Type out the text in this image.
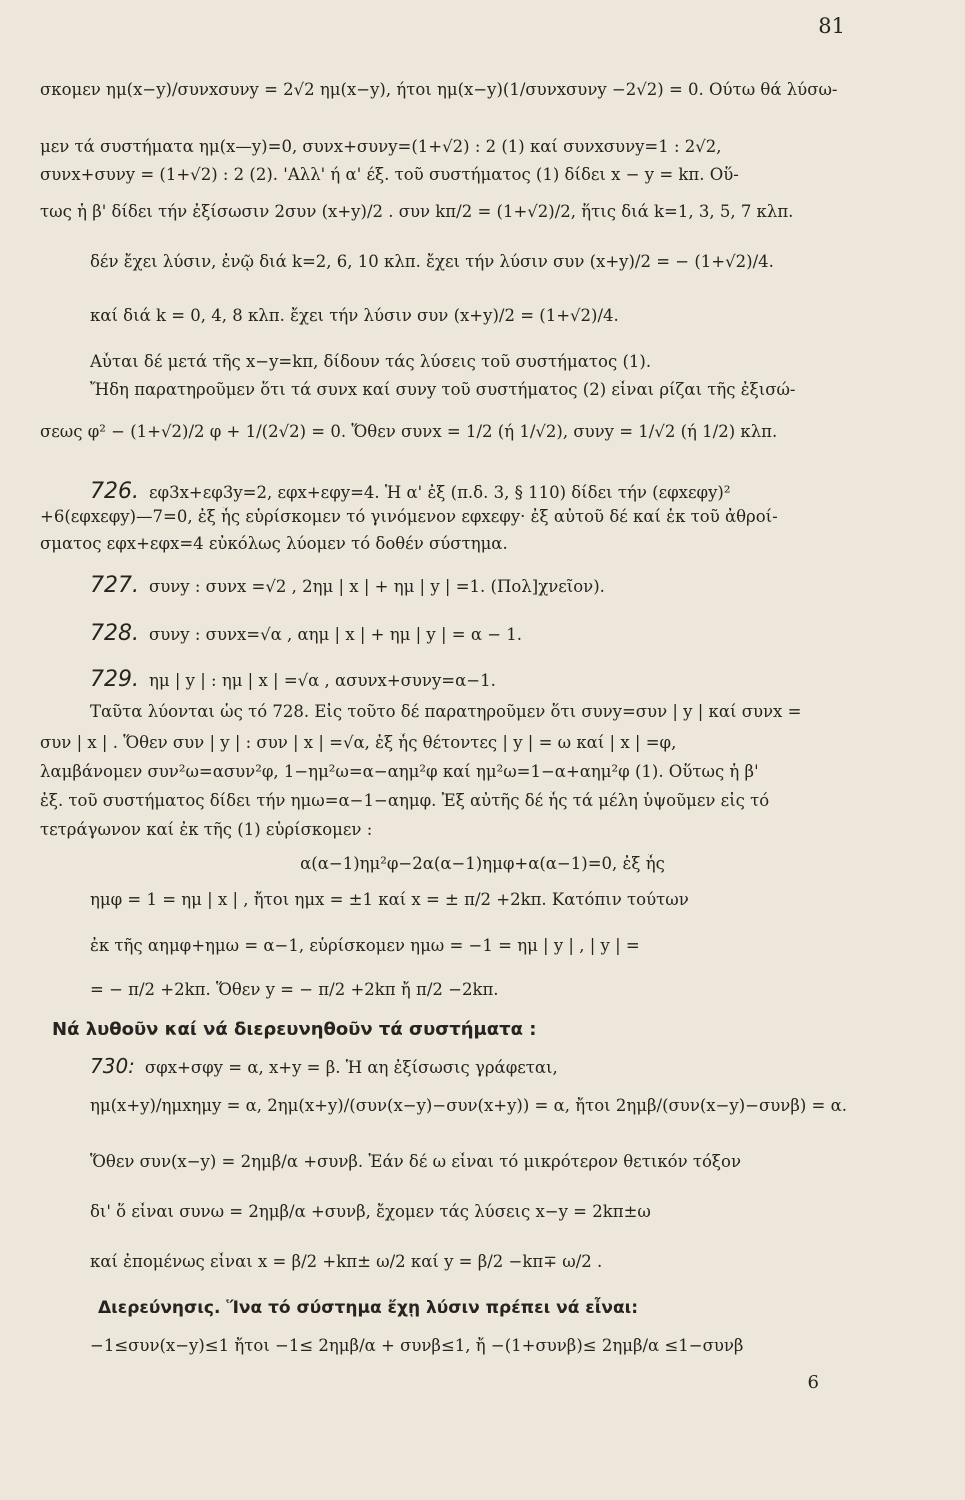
81
σκομεν ημ(x−y)/συνxσυνy = 2√2 ημ(x−y), ήτοι ημ(x−y)(1/συνxσυνy −2√2) = 0. Ούτω θά λύσω-
μεν τά συστήματα ημ(x—y)=0, συνx+συνy=(1+√2) : 2 (1) καί συνxσυνy=1 : 2√2,
συνx+συνy = (1+√2) : 2 (2). 'Αλλ' ή α' έξ. τοῦ συστήματος (1) δίδει x − y = kπ. Οὕ-
τως ἡ β' δίδει τήν ἐξίσωσιν 2συν (x+y)/2 . συν kπ/2 = (1+√2)/2, ἥτις διά k=1, 3, 5, 7 κλπ.
δέν ἔχει λύσιν, ἐνῷ διά k=2, 6, 10 κλπ. ἔχει τήν λύσιν συν (x+y)/2 = − (1+√2)/4.
καί διά k = 0, 4, 8 κλπ. ἔχει τήν λύσιν συν (x+y)/2 = (1+√2)/4.
Αὗται δέ μετά τῆς x−y=kπ, δίδουν τάς λύσεις τοῦ συστήματος (1).
Ἤδη παρατηροῦμεν ὅτι τά συνx καί συνy τοῦ συστήματος (2) εἶναι ρίζαι τῆς ἐξισώ-
σεως φ² − (1+√2)/2 φ + 1/(2√2) = 0. Ὅθεν συνx = 1/2 (ή 1/√2), συνy = 1/√2 (ή 1/2) κλπ.
726. εφ3x+εφ3y=2, εφx+εφy=4. Ἡ α' ἐξ (π.δ. 3, § 110) δίδει τήν (εφxεφy)²
+6(εφxεφy)—7=0, ἐξ ἧς εὑρίσκομεν τό γινόμενον εφxεφy· ἐξ αὐτοῦ δέ καί ἐκ τοῦ ἀθροί-
σματος εφx+εφx=4 εὐκόλως λύομεν τό δοθέν σύστημα.
727. συνy : συνx =√2 , 2ημ | x | + ημ | y | =1. (Πολ]χνεῖον).
728. συνy : συνx=√α , αημ | x | + ημ | y | = α − 1.
729. ημ | y | : ημ | x | =√α , ασυνx+συνy=α−1.
Ταῦτα λύονται ὡς τό 728. Εἰς τοῦτο δέ παρατηροῦμεν ὅτι συνy=συν | y | καί συνx =
συν | x | . Ὅθεν συν | y | : συν | x | =√α, ἐξ ἧς θέτοντες | y | = ω καί | x | =φ,
λαμβάνομεν συν²ω=ασυν²φ, 1−ημ²ω=α−αημ²φ καί ημ²ω=1−α+αημ²φ (1). Οὕτως ἡ β'
ἐξ. τοῦ συστήματος δίδει τήν ημω=α−1−αημφ. Ἐξ αὐτῆς δέ ἧς τά μέλη ὑψοῦμεν εἰς τό
τετράγωνον καί ἐκ τῆς (1) εὑρίσκομεν :
α(α−1)ημ²φ−2α(α−1)ημφ+α(α−1)=0, ἐξ ἧς
ημφ = 1 = ημ | x | , ἤτοι ημx = ±1 καί x = ± π/2 +2kπ. Κατόπιν τούτων
ἐκ τῆς αημφ+ημω = α−1, εὑρίσκομεν ημω = −1 = ημ | y | , | y | =
= − π/2 +2kπ. Ὅθεν y = − π/2 +2kπ ἤ π/2 −2kπ.
Νά λυθοῦν καί νά διερευνηθοῦν τά συστήματα :
730: σφx+σφy = α, x+y = β. Ἡ αη ἐξίσωσις γράφεται,
ημ(x+y)/ημxημy = α, 2ημ(x+y)/(συν(x−y)−συν(x+y)) = α, ἤτοι 2ημβ/(συν(x−y)−συνβ) = α.
Ὅθεν συν(x−y) = 2ημβ/α +συνβ. Ἐάν δέ ω εἶναι τό μικρότερον θετικόν τόξον
δι' ὅ εἶναι συνω = 2ημβ/α +συνβ, ἔχομεν τάς λύσεις x−y = 2kπ±ω
καί ἐπομένως εἶναι x = β/2 +kπ± ω/2 καί y = β/2 −kπ∓ ω/2 .
Διερεύνησις. Ἵνα τό σύστημα ἔχῃ λύσιν πρέπει νά εἶναι:
−1≤συν(x−y)≤1 ἤτοι −1≤ 2ημβ/α + συνβ≤1, ἤ −(1+συνβ)≤ 2ημβ/α ≤1−συνβ
6
